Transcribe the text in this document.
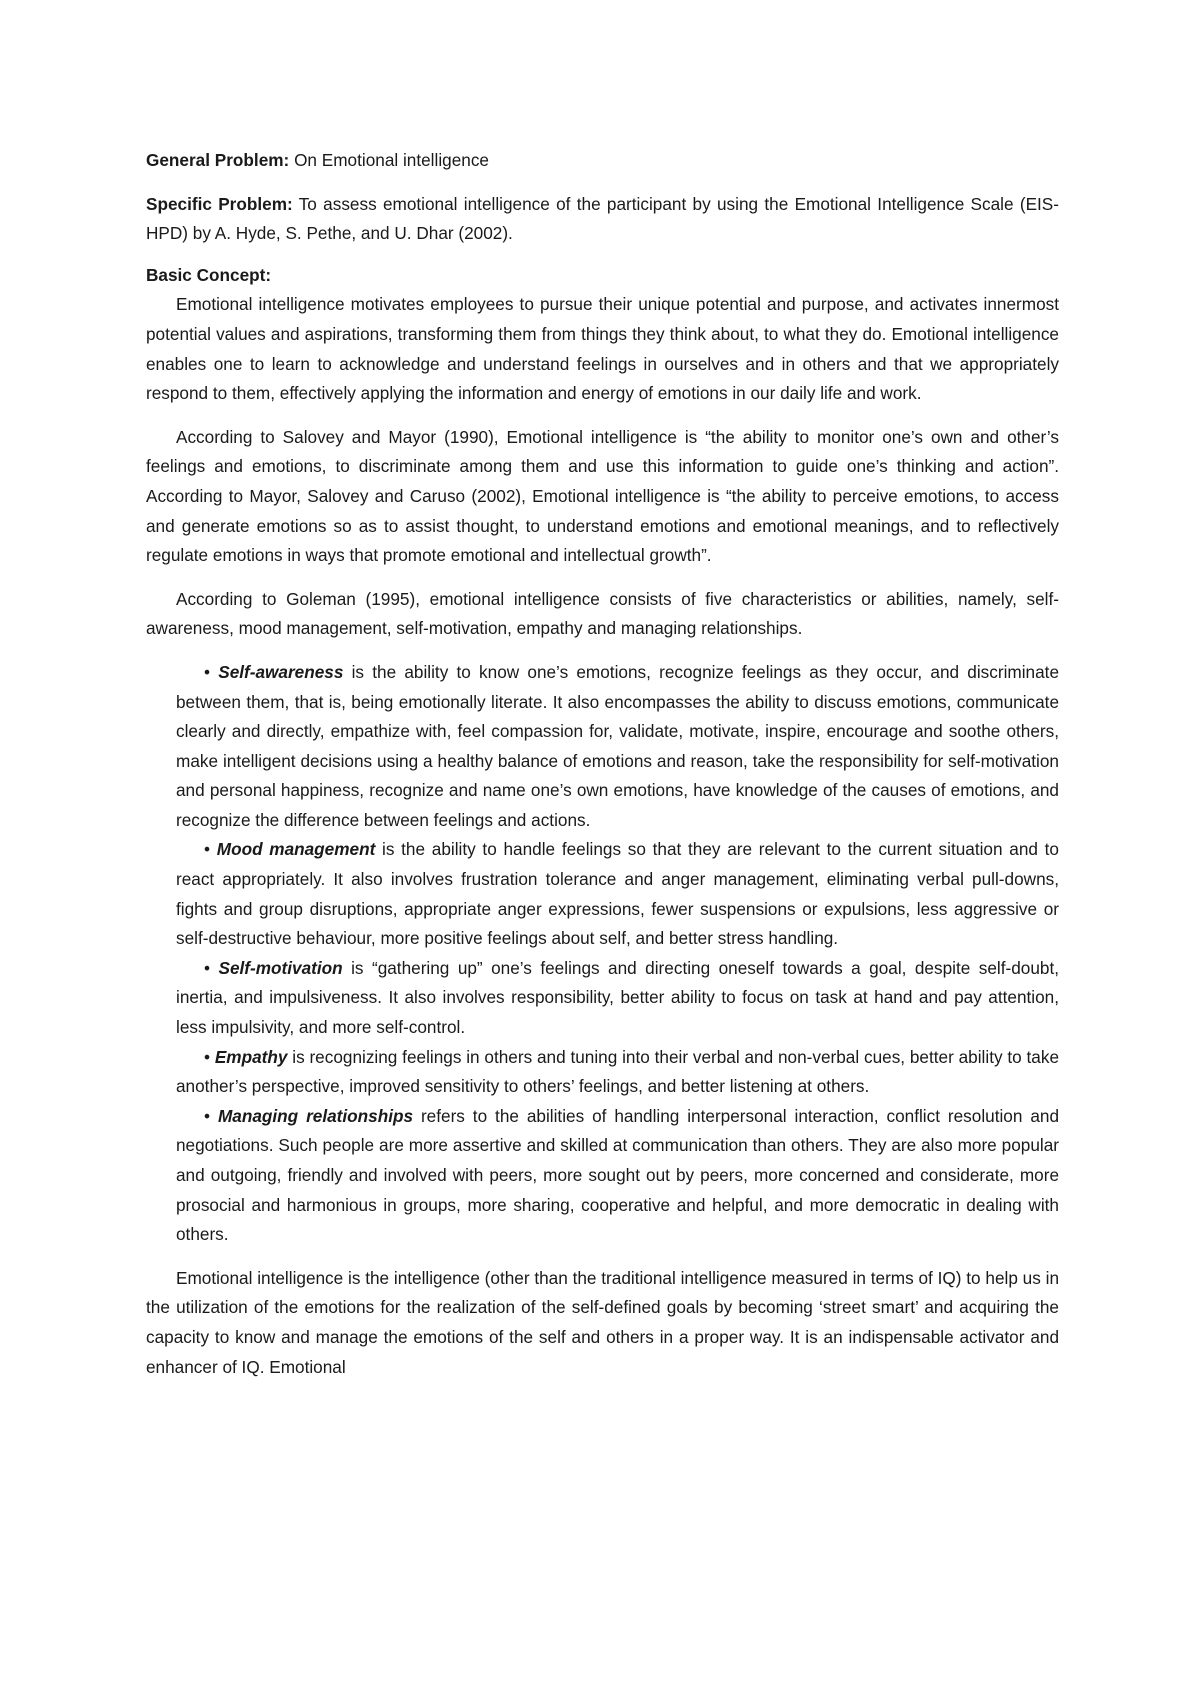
General Problem: On Emotional intelligence

Specific Problem: To assess emotional intelligence of the participant by using the Emotional Intelligence Scale (EIS-HPD) by A. Hyde, S. Pethe, and U. Dhar (2002).

Basic Concept:

Emotional intelligence motivates employees to pursue their unique potential and purpose, and activates innermost potential values and aspirations, transforming them from things they think about, to what they do. Emotional intelligence enables one to learn to acknowledge and understand feelings in ourselves and in others and that we appropriately respond to them, effectively applying the information and energy of emotions in our daily life and work.

According to Salovey and Mayor (1990), Emotional intelligence is “the ability to monitor one’s own and other’s feelings and emotions, to discriminate among them and use this information to guide one’s thinking and action”. According to Mayor, Salovey and Caruso (2002), Emotional intelligence is “the ability to perceive emotions, to access and generate emotions so as to assist thought, to understand emotions and emotional meanings, and to reflectively regulate emotions in ways that promote emotional and intellectual growth”.

According to Goleman (1995), emotional intelligence consists of five characteristics or abilities, namely, self-awareness, mood management, self-motivation, empathy and managing relationships.

• Self-awareness is the ability to know one’s emotions, recognize feelings as they occur, and discriminate between them, that is, being emotionally literate. It also encompasses the ability to discuss emotions, communicate clearly and directly, empathize with, feel compassion for, validate, motivate, inspire, encourage and soothe others, make intelligent decisions using a healthy balance of emotions and reason, take the responsibility for self-motivation and personal happiness, recognize and name one’s own emotions, have knowledge of the causes of emotions, and recognize the difference between feelings and actions.

• Mood management is the ability to handle feelings so that they are relevant to the current situation and to react appropriately. It also involves frustration tolerance and anger management, eliminating verbal pull-downs, fights and group disruptions, appropriate anger expressions, fewer suspensions or expulsions, less aggressive or self-destructive behaviour, more positive feelings about self, and better stress handling.

• Self-motivation is “gathering up” one’s feelings and directing oneself towards a goal, despite self-doubt, inertia, and impulsiveness. It also involves responsibility, better ability to focus on task at hand and pay attention, less impulsivity, and more self-control.

• Empathy is recognizing feelings in others and tuning into their verbal and non-verbal cues, better ability to take another’s perspective, improved sensitivity to others’ feelings, and better listening at others.

• Managing relationships refers to the abilities of handling interpersonal interaction, conflict resolution and negotiations. Such people are more assertive and skilled at communication than others. They are also more popular and outgoing, friendly and involved with peers, more sought out by peers, more concerned and considerate, more prosocial and harmonious in groups, more sharing, cooperative and helpful, and more democratic in dealing with others.

Emotional intelligence is the intelligence (other than the traditional intelligence measured in terms of IQ) to help us in the utilization of the emotions for the realization of the self-defined goals by becoming ‘street smart’ and acquiring the capacity to know and manage the emotions of the self and others in a proper way. It is an indispensable activator and enhancer of IQ. Emotional
